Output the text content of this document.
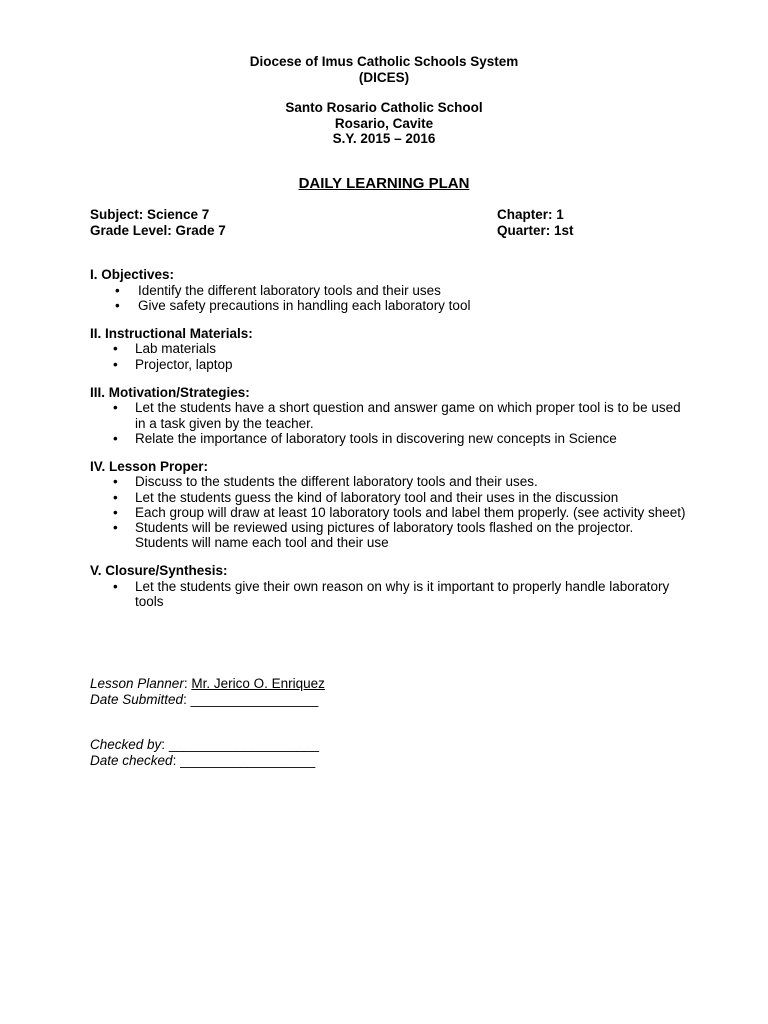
Diocese of Imus Catholic Schools System
(DICES)
Santo Rosario Catholic School
Rosario, Cavite
S.Y. 2015 – 2016
DAILY LEARNING PLAN
Subject: Science 7
Grade Level: Grade 7
Chapter: 1
Quarter: 1st
I. Objectives:
• Identify the different laboratory tools and their uses
• Give safety precautions in handling each laboratory tool
II. Instructional Materials:
• Lab materials
• Projector, laptop
III. Motivation/Strategies:
• Let the students have a short question and answer game on which proper tool is to be used in a task given by the teacher.
• Relate the importance of laboratory tools in discovering new concepts in Science
IV. Lesson Proper:
• Discuss to the students the different laboratory tools and their uses.
• Let the students guess the kind of laboratory tool and their uses in the discussion
• Each group will draw at least 10 laboratory tools and label them properly. (see activity sheet)
• Students will be reviewed using pictures of laboratory tools flashed on the projector. Students will name each tool and their use
V. Closure/Synthesis:
• Let the students give their own reason on why is it important to properly handle laboratory tools
Lesson Planner: Mr. Jerico O. Enriquez
Date Submitted: _________________
Checked by: ____________________
Date checked: __________________
